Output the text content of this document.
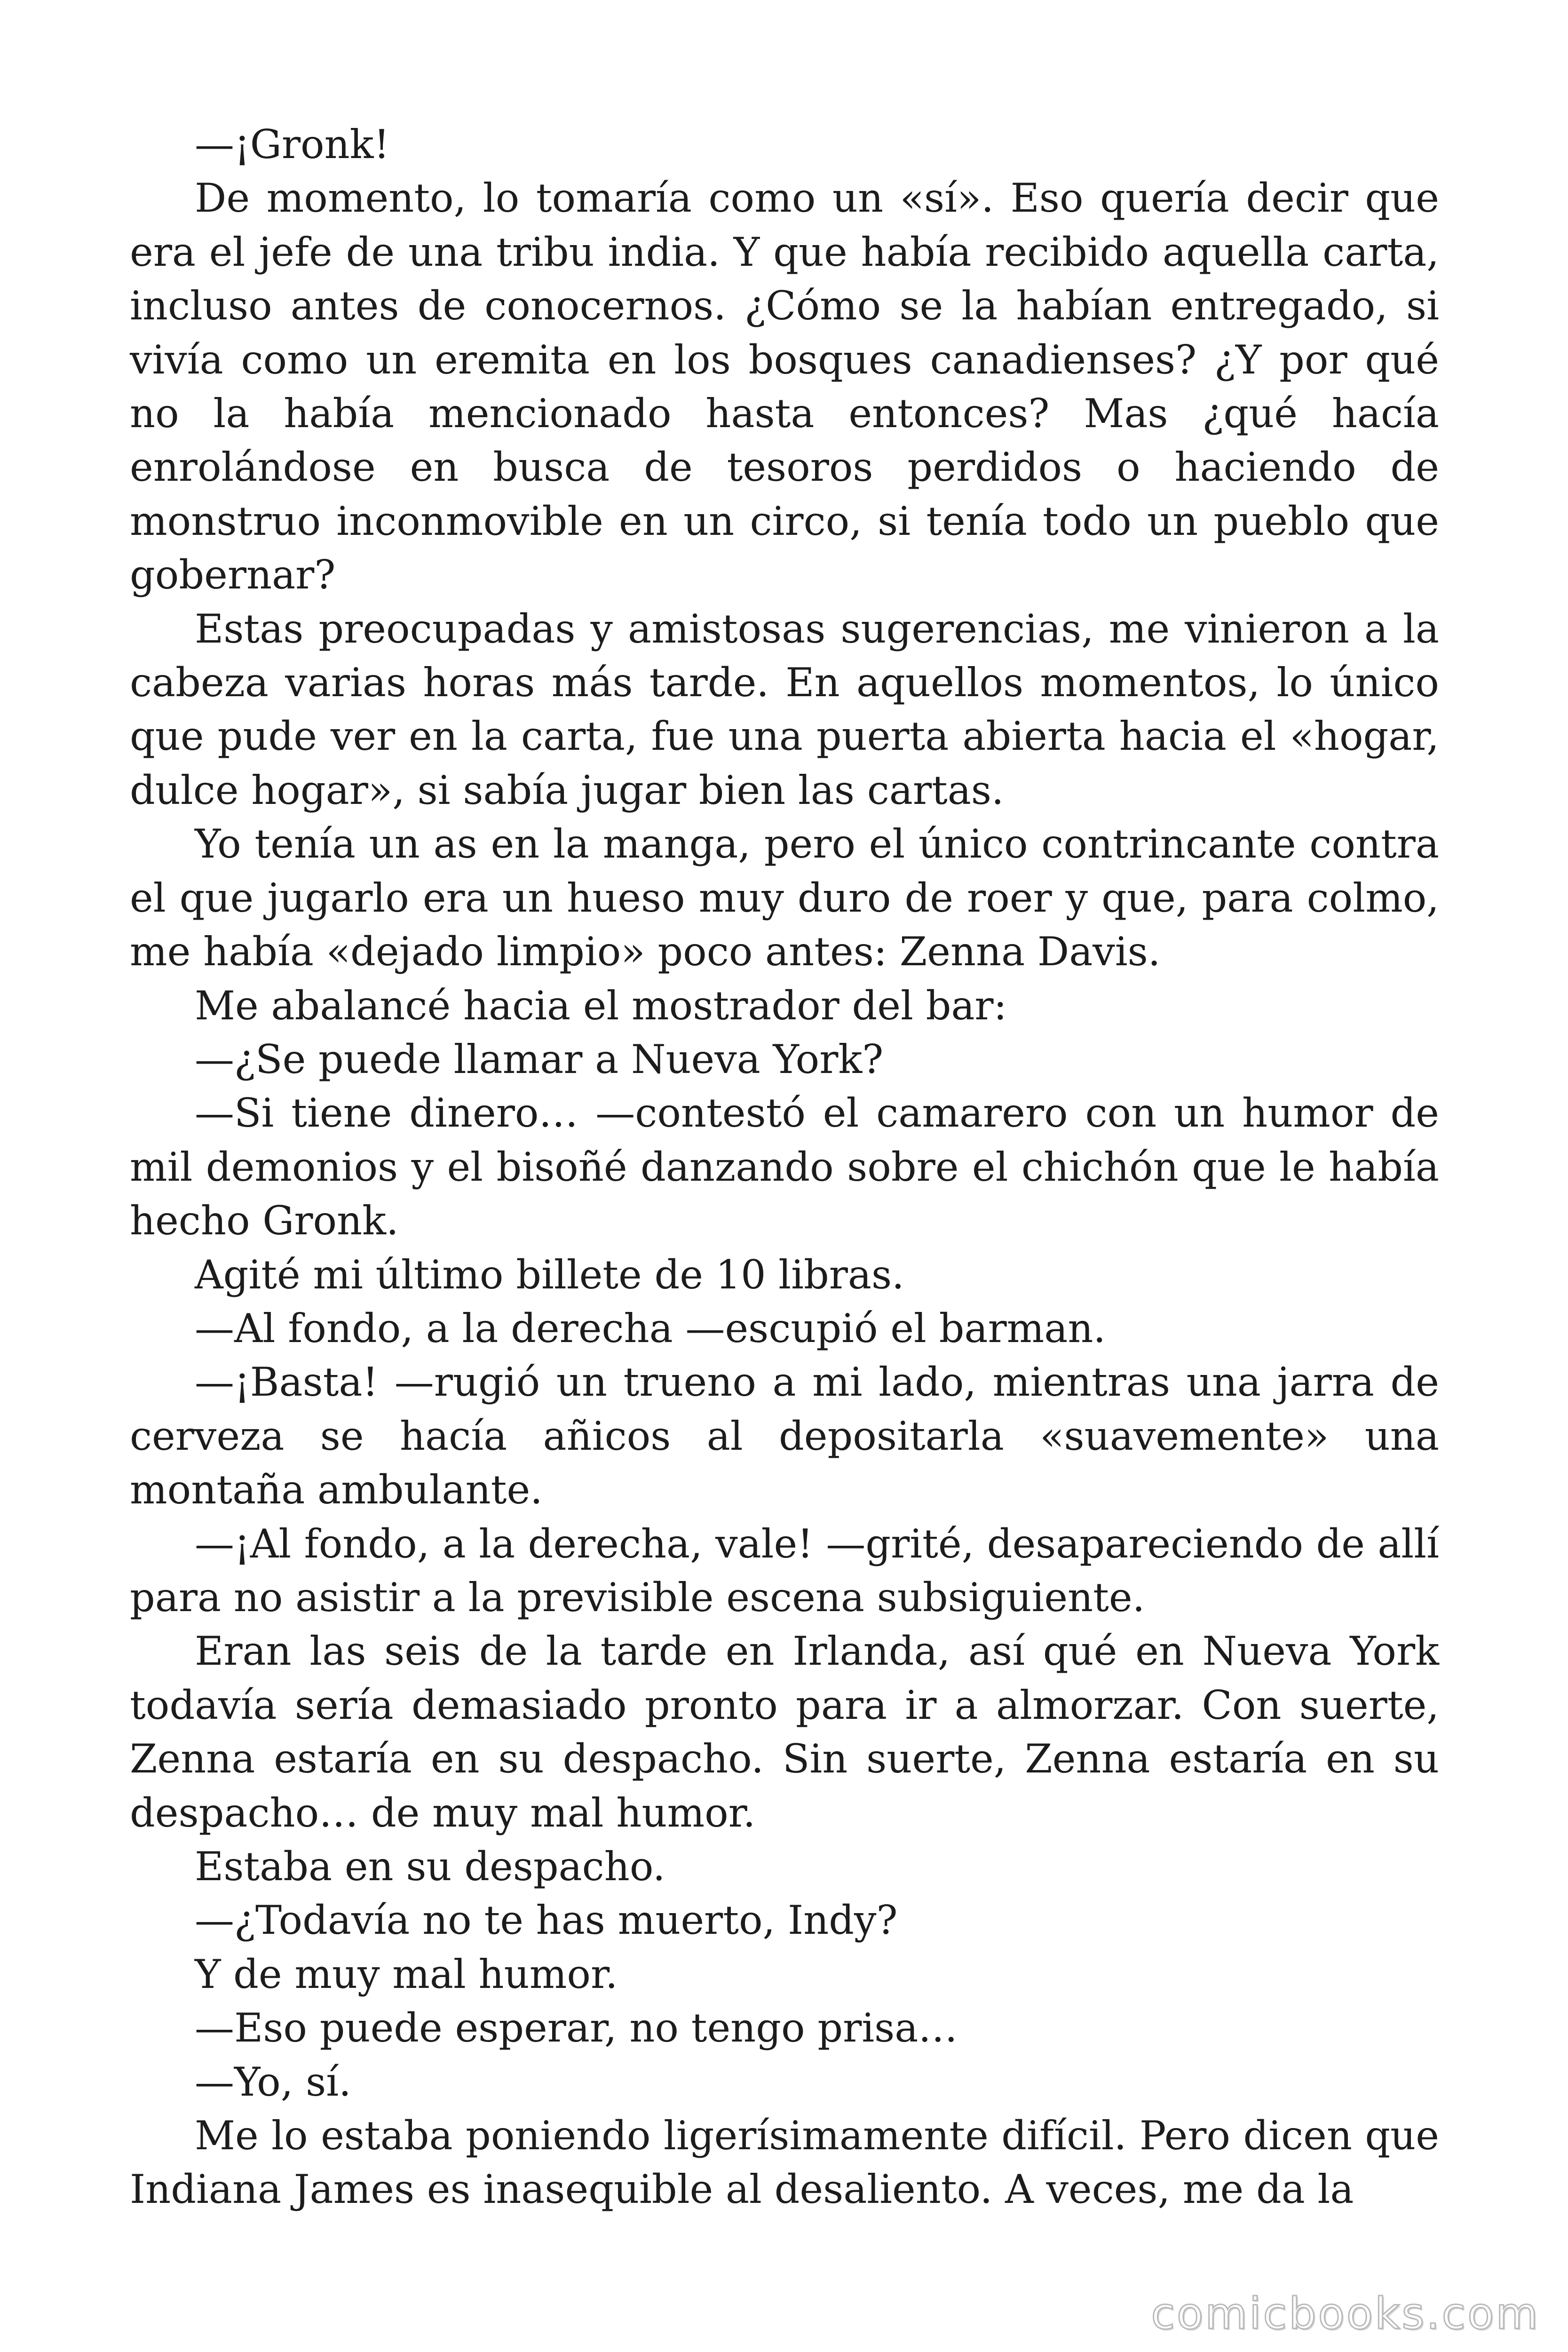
—¡Gronk!

De momento, lo tomaría como un «sí». Eso quería decir que era el jefe de una tribu india. Y que había recibido aquella carta, incluso antes de conocernos. ¿Cómo se la habían entregado, si vivía como un eremita en los bosques canadienses? ¿Y por qué no la había mencionado hasta entonces? Mas ¿qué hacía enrolándose en busca de tesoros perdidos o haciendo de monstruo inconmovible en un circo, si tenía todo un pueblo que gobernar?

Estas preocupadas y amistosas sugerencias, me vinieron a la cabeza varias horas más tarde. En aquellos momentos, lo único que pude ver en la carta, fue una puerta abierta hacia el «hogar, dulce hogar», si sabía jugar bien las cartas.

Yo tenía un as en la manga, pero el único contrincante contra el que jugarlo era un hueso muy duro de roer y que, para colmo, me había «dejado limpio» poco antes: Zenna Davis.

Me abalancé hacia el mostrador del bar:

—¿Se puede llamar a Nueva York?

—Si tiene dinero… —contestó el camarero con un humor de mil demonios y el bisoñé danzando sobre el chichón que le había hecho Gronk.

Agité mi último billete de 10 libras.

—Al fondo, a la derecha —escupió el barman.

—¡Basta! —rugió un trueno a mi lado, mientras una jarra de cerveza se hacía añicos al depositarla «suavemente» una montaña ambulante.

—¡Al fondo, a la derecha, vale! —grité, desapareciendo de allí para no asistir a la previsible escena subsiguiente.

Eran las seis de la tarde en Irlanda, así qué en Nueva York todavía sería demasiado pronto para ir a almorzar. Con suerte, Zenna estaría en su despacho. Sin suerte, Zenna estaría en su despacho… de muy mal humor.

Estaba en su despacho.

—¿Todavía no te has muerto, Indy?

Y de muy mal humor.

—Eso puede esperar, no tengo prisa…

—Yo, sí.

Me lo estaba poniendo ligerísimamente difícil. Pero dicen que Indiana James es inasequible al desaliento. A veces, me da la

comicbooks.com
